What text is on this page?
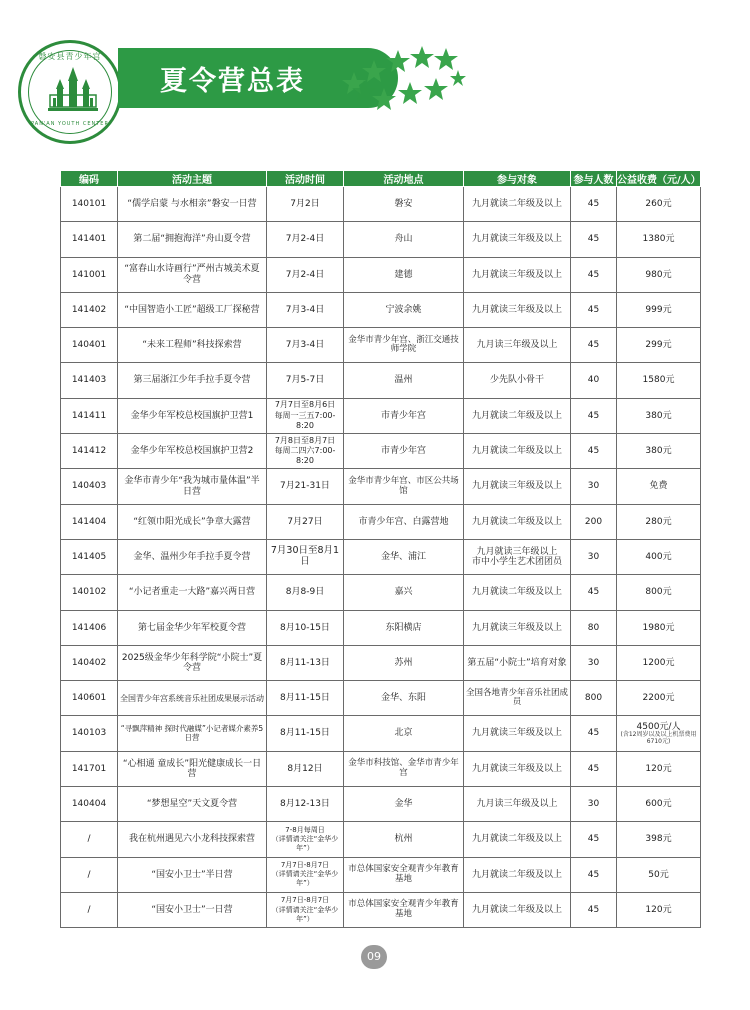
磐安县青少年宫
PAN'AN YOUTH CENTER
夏令营总表
编码	活动主题	活动时间	活动地点	参与对象	参与人数	公益收费（元/人）
140101	“儒学启蒙 与水相亲”磐安一日营	7月2日	磐安	九月就读二年级及以上	45	260元
141401	第二届“拥抱海洋”舟山夏令营	7月2-4日	舟山	九月就读三年级及以上	45	1380元
141001	“富春山水诗画行”严州古城美术夏令营	7月2-4日	建德	九月就读三年级及以上	45	980元
141402	“中国智造小工匠”超级工厂探秘营	7月3-4日	宁波余姚	九月就读三年级及以上	45	999元
140401	“未来工程师”科技探索营	7月3-4日	金华市青少年宫、浙江交通技师学院	九月读三年级及以上	45	299元
141403	第三届浙江少年手拉手夏令营	7月5-7日	温州	少先队小骨干	40	1580元
141411	金华少年军校总校国旗护卫营1	7月7日至8月6日
每周一三五7:00-8:20	市青少年宫	九月就读二年级及以上	45	380元
141412	金华少年军校总校国旗护卫营2	7月8日至8月7日
每周二四六7:00-8:20	市青少年宫	九月就读二年级及以上	45	380元
140403	金华市青少年“我为城市量体温”半日营	7月21-31日	金华市青少年宫、市区公共场馆	九月就读三年级及以上	30	免费
141404	“红领巾阳光成长”争章大露营	7月27日	市青少年宫、白露营地	九月就读二年级及以上	200	280元
141405	金华、温州少年手拉手夏令营	7月30日至8月1日	金华、浦江	九月就读三年级以上
市中小学生艺术团团员	30	400元
140102	“小记者重走一大路”嘉兴两日营	8月8-9日	嘉兴	九月就读二年级及以上	45	800元
141406	第七届金华少年军校夏令营	8月10-15日	东阳横店	九月就读三年级及以上	80	1980元
140402	2025级金华少年科学院“小院士”夏令营	8月11-13日	苏州	第五届“小院士”培育对象	30	1200元
140601	全国青少年宫系统音乐社团成果展示活动	8月11-15日	金华、东阳	全国各地青少年音乐社团成员	800	2200元
140103	“寻飘萍精神 探时代融媒”小记者媒介素养5日营	8月11-15日	北京	九月就读三年级及以上	45	4500元/人
(含12周岁以及以上机票费用6710元)

141701	“心相通 童成长”阳光健康成长一日营	8月12日	金华市科技馆、金华市青少年宫	九月就读三年级及以上	45	120元
140404	“梦想星空”天文夏令营	8月12-13日	金华	九月读三年级及以上	30	600元
/	我在杭州遇见六小龙科技探索营	7-8月每周日
（详情请关注“金华少年”）	杭州	九月就读二年级及以上	45	398元
/	“国安小卫士”半日营	7月7日-8月7日
（详情请关注“金华少年”）	市总体国家安全观青少年教育基地	九月就读二年级及以上	45	50元
/	“国安小卫士”一日营	7月7日-8月7日
（详情请关注“金华少年”）	市总体国家安全观青少年教育基地	九月就读二年级及以上	45	120元
09
